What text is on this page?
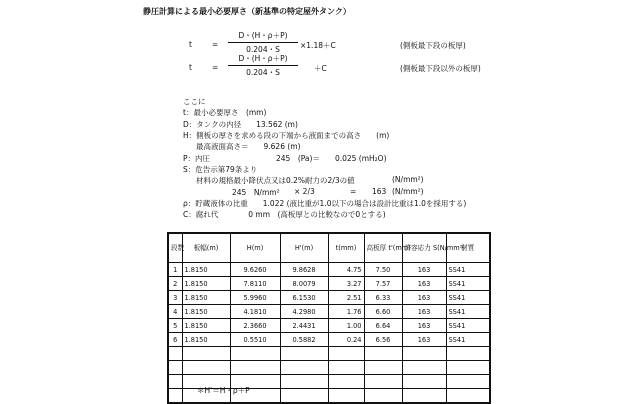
静圧計算による最小必要厚さ（新基準の特定屋外タンク）
t	= $\frac{D・(H・\rho+P)}{0.204・S} \times 1.18+C$	(側板最下段の板厚)
t	= $\frac{D・(H・\rho+P)}{0.204・S} +C$	(側板最下段以外の板厚)
ここに
t：最小必要厚さ　(mm)
D：タンクの内径　　13.562 (m)
H：側板の厚さを求める段の下端から液面までの高さ　　(m)
最高液面高さ＝　　9.626 (m)
P：内圧	245　(Pa)＝　　0.025 (mH₂O)
S：危告示第79条より
材料の規格最小降伏点又は0.2%耐力の2/3の値	(N/mm²)
245　N/mm² × 2/3	= 163 (N/mm²)
ρ：貯蔵液体の比重　　1.022 (液比重が1.0以下の場合は設計比重は1.0を採用する)
C：腐れ代　　　　0 mm　(高板厚との比較なので0とする)
段数	板幅(m)	H(m)	H'(m)	t(mm)	高板厚 t'(mm)	許容応力 S(N/mm²)	材質
1	1.8150	9.6260	9.8628	4.75	7.50	163	SS41
2	1.8150	7.8110	8.0079	3.27	7.57	163	SS41
3	1.8150	5.9960	6.1530	2.51	6.33	163	SS41
4	1.8150	4.1810	4.2980	1.76	6.60	163	SS41
5	1.8150	2.3660	2.4431	1.00	6.64	163	SS41
6	1.8150	0.5510	0.5882	0.24	6.56	163	SS41

＊H'＝H・ρ＋P
